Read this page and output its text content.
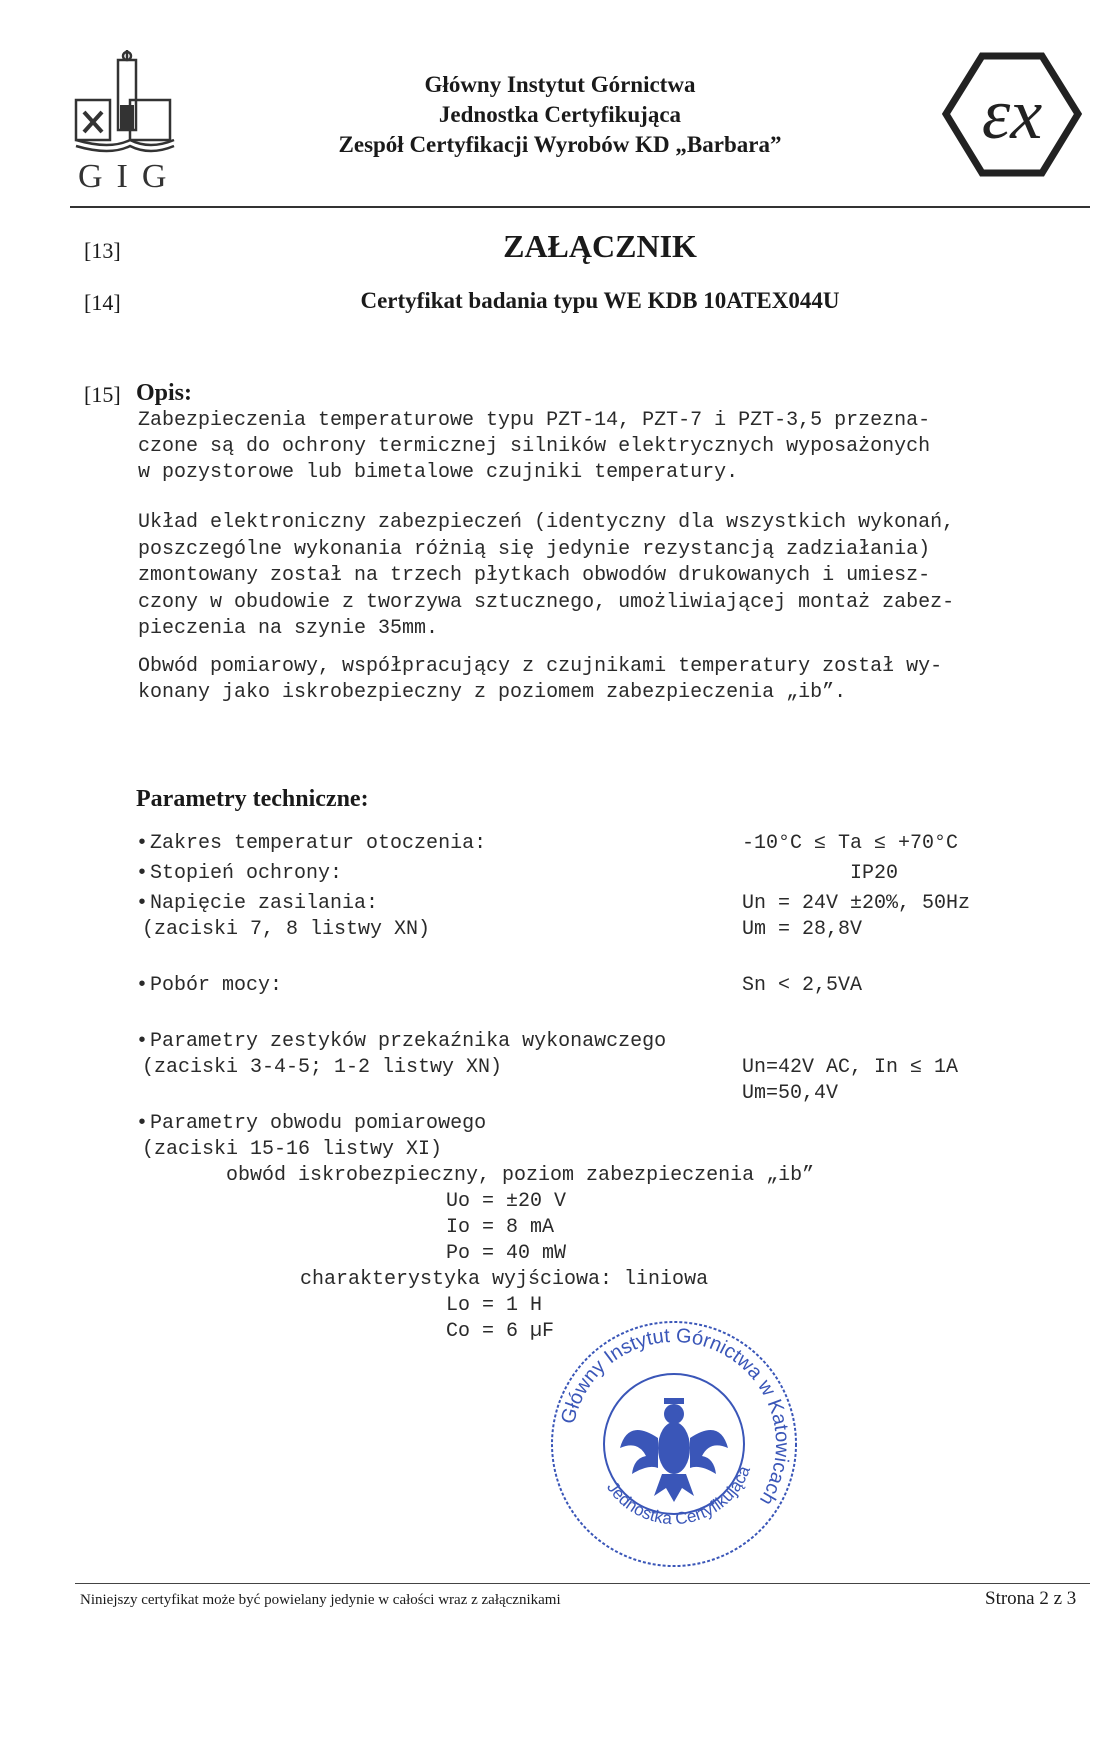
GIG
Główny Instytut Górnictwa
Jednostka Certyfikująca
Zespół Certyfikacji Wyrobów KD „Barbara”	εx
[13]	ZAŁĄCZNIK
[14]	Certyfikat badania typu WE KDB 10ATEX044U
[15] Opis:
Zabezpieczenia temperaturowe typu PZT-14, PZT-7 i PZT-3,5 przezna-
czone są do ochrony termicznej silników elektrycznych wyposażonych
w pozystorowe lub bimetalowe czujniki temperatury.
Układ elektroniczny zabezpieczeń (identyczny dla wszystkich wykonań,
poszczególne wykonania różnią się jedynie rezystancją zadziałania)
zmontowany został na trzech płytkach obwodów drukowanych i umiesz-
czony w obudowie z tworzywa sztucznego, umożliwiającej montaż zabez-
pieczenia na szynie 35mm.
Obwód pomiarowy, współpracujący z czujnikami temperatury został wy-
konany jako iskrobezpieczny z poziomem zabezpieczenia „ib”.
Parametry techniczne:
• Zakres temperatur otoczenia:	-10°C ≤ Ta ≤ +70°C
• Stopień ochrony:	IP20
• Napięcie zasilania:	Un = 24V ±20%, 50Hz
(zaciski 7, 8 listwy XN)	Um = 28,8V
• Pobór mocy:	Sn < 2,5VA
• Parametry zestyków przekaźnika wykonawczego
(zaciski 3-4-5; 1-2 listwy XN)	Un=42V AC, In ≤ 1A
Um=50,4V
• Parametry obwodu pomiarowego
(zaciski 15-16 listwy XI)
obwód iskrobezpieczny, poziom zabezpieczenia „ib”
Uo = ±20 V
Io = 8 mA
Po = 40 mW
charakterystyka wyjściowa: liniowa
Lo = 1 H
Co = 6 µF
Główny Instytut Górnictwa w Katowicach
Jednostka Certyfikująca
Niniejszy certyfikat może być powielany jedynie w całości wraz z załącznikami	Strona 2 z 3
